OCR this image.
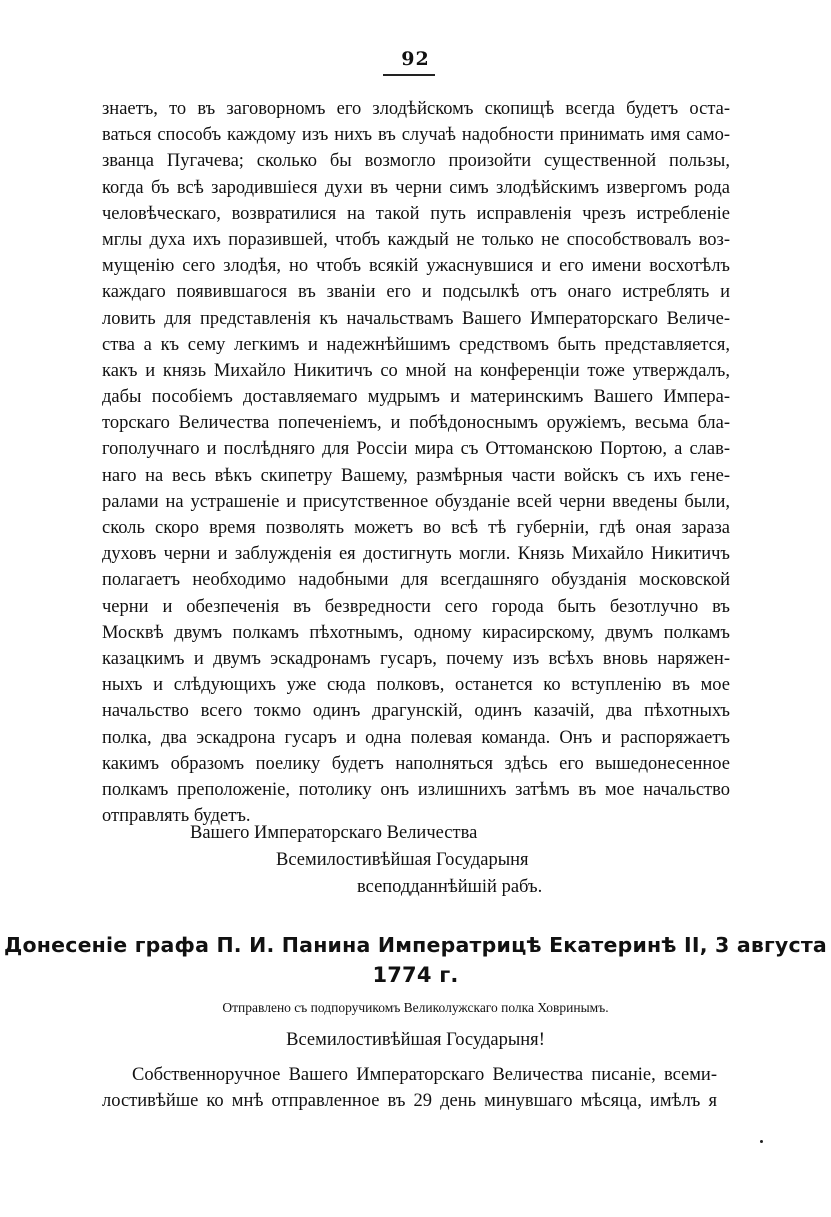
92
знаетъ, то въ заговорномъ его злодѣйскомъ скопищѣ всегда будетъ оста-
ваться способъ каждому изъ нихъ въ случаѣ надобности принимать имя само-
званца Пугачева; сколько бы возмогло произойти существенной пользы,
когда бъ всѣ зародившiеся духи въ черни симъ злодѣйскимъ извергомъ рода
человѣческаго, возвратилися на такой путь исправленiя чрезъ истребленiе
мглы духа ихъ поразившей, чтобъ каждый не только не способствовалъ воз-
мущенiю сего злодѣя, но чтобъ всякiй ужаснувшися и его имени восхотѣлъ
каждаго появившагося въ званiи его и подсылкѣ отъ онаго истреблять и
ловить для представленiя къ начальствамъ Вашего Императорскаго Величе-
ства а къ сему легкимъ и надежнѣйшимъ средствомъ быть представляется,
какъ и князь Михайло Никитичъ со мной на конференцiи тоже утверждалъ,
дабы пособiемъ доставляемаго мудрымъ и материнскимъ Вашего Импера-
торскаго Величества попеченiемъ, и побѣдоноснымъ оружiемъ, весьма бла-
гополучнаго и послѣдняго для Россiи мира съ Оттоманскою Портою, а слав-
наго на весь вѣкъ скипетру Вашему, размѣрныя части войскъ съ ихъ гене-
ралами на устрашенiе и присутственное обузданiе всей черни введены были,
сколь скоро время позволять можетъ во всѣ тѣ губернiи, гдѣ оная зараза
духовъ черни и заблужденiя ея достигнуть могли. Князь Михайло Никитичъ
полагаетъ необходимо надобными для всегдашняго обузданiя московской
черни и обезпеченiя въ безвредности сего города быть безотлучно въ
Москвѣ двумъ полкамъ пѣхотнымъ, одному кирасирскому, двумъ полкамъ
казацкимъ и двумъ эскадронамъ гусаръ, почему изъ всѣхъ вновь наряжен-
ныхъ и слѣдующихъ уже сюда полковъ, останется ко вступленiю въ мое
начальство всего токмо одинъ драгунскiй, одинъ казачiй, два пѣхотныхъ
полка, два эскадрона гусаръ и одна полевая команда. Онъ и распоряжаетъ
какимъ образомъ поелику будетъ наполняться здѣсь его вышедонесенное
полкамъ преположенiе, потолику онъ излишнихъ затѣмъ въ мое начальство
отправлять будетъ.
Вашего Императорскаго Величества
Всемилостивѣйшая Государыня
всеподданнѣйшiй рабъ.
Донесенiе графа П. И. Панина Императрицѣ Екатеринѣ II, 3 августа
1774 г.
Отправлено съ подпоручикомъ Великолужскаго полка Ховринымъ.
Всемилостивѣйшая Государыня!
Собственноручное Вашего Императорскаго Величества писанiе, всеми-
лостивѣйше ко мнѣ отправленное въ 29 день минувшаго мѣсяца, имѣлъ я
